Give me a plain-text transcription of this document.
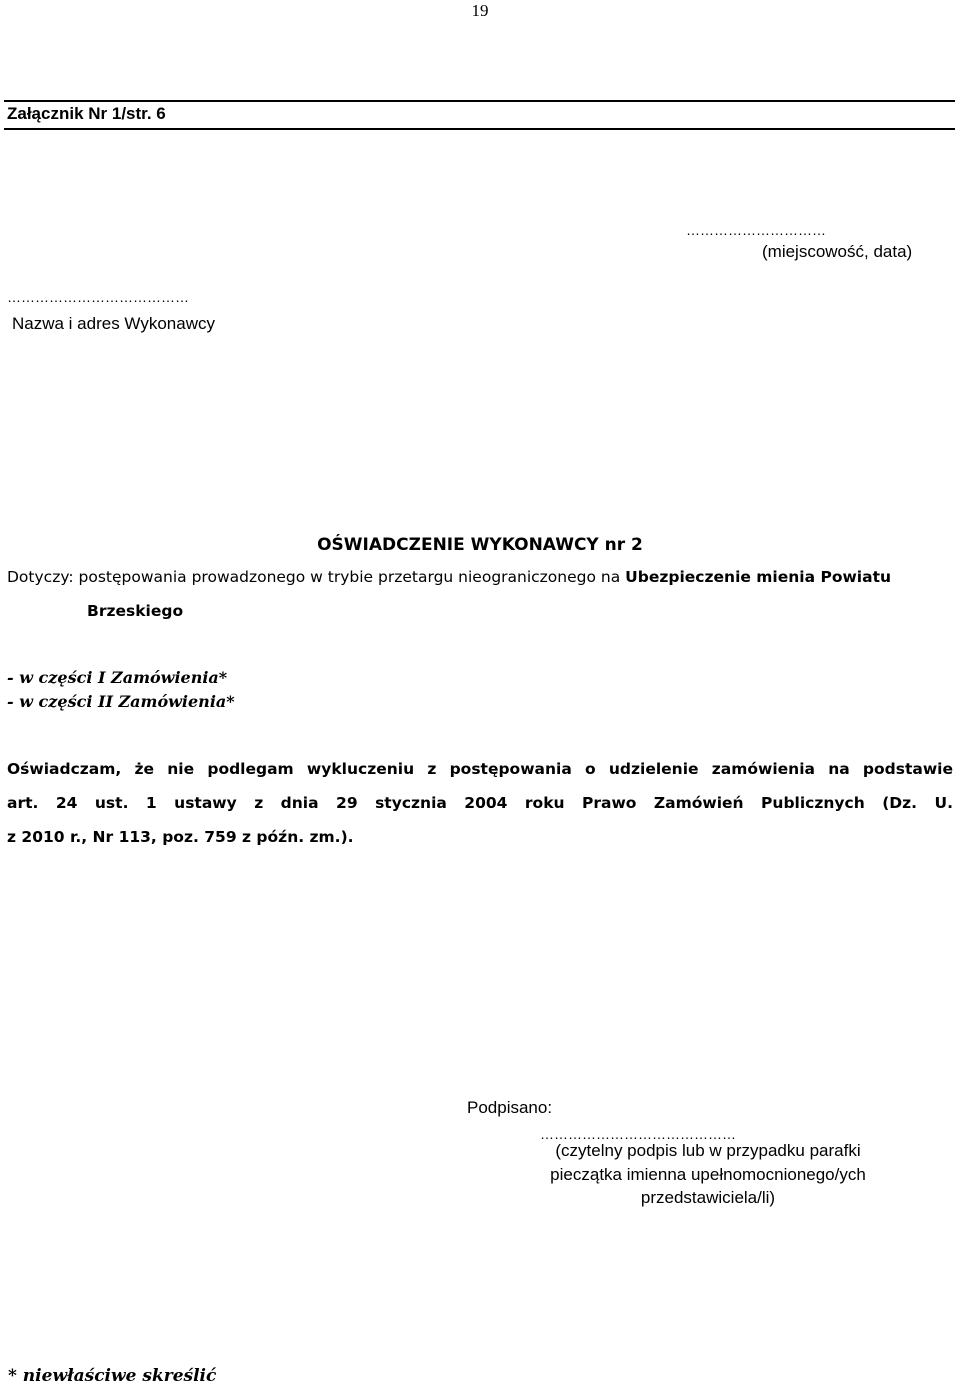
19
Załącznik Nr 1/str. 6
…………………………
(miejscowość, data)
…………………………………
Nazwa i adres Wykonawcy
OŚWIADCZENIE WYKONAWCY nr 2
Dotyczy: postępowania prowadzonego w trybie przetargu nieograniczonego na Ubezpieczenie mienia Powiatu
Brzeskiego
- w części I Zamówienia*
- w części II Zamówienia*
Oświadczam, że nie podlegam wykluczeniu z postępowania o udzielenie zamówienia na podstawie
art. 24 ust. 1 ustawy z dnia 29 stycznia 2004 roku Prawo Zamówień Publicznych (Dz. U.
z 2010 r., Nr 113, poz. 759 z późn. zm.).
Podpisano:
……………………………………
(czytelny podpis lub w przypadku parafki
pieczątka imienna upełnomocnionego/ych
przedstawiciela/li)
* niewłaściwe skreślić
